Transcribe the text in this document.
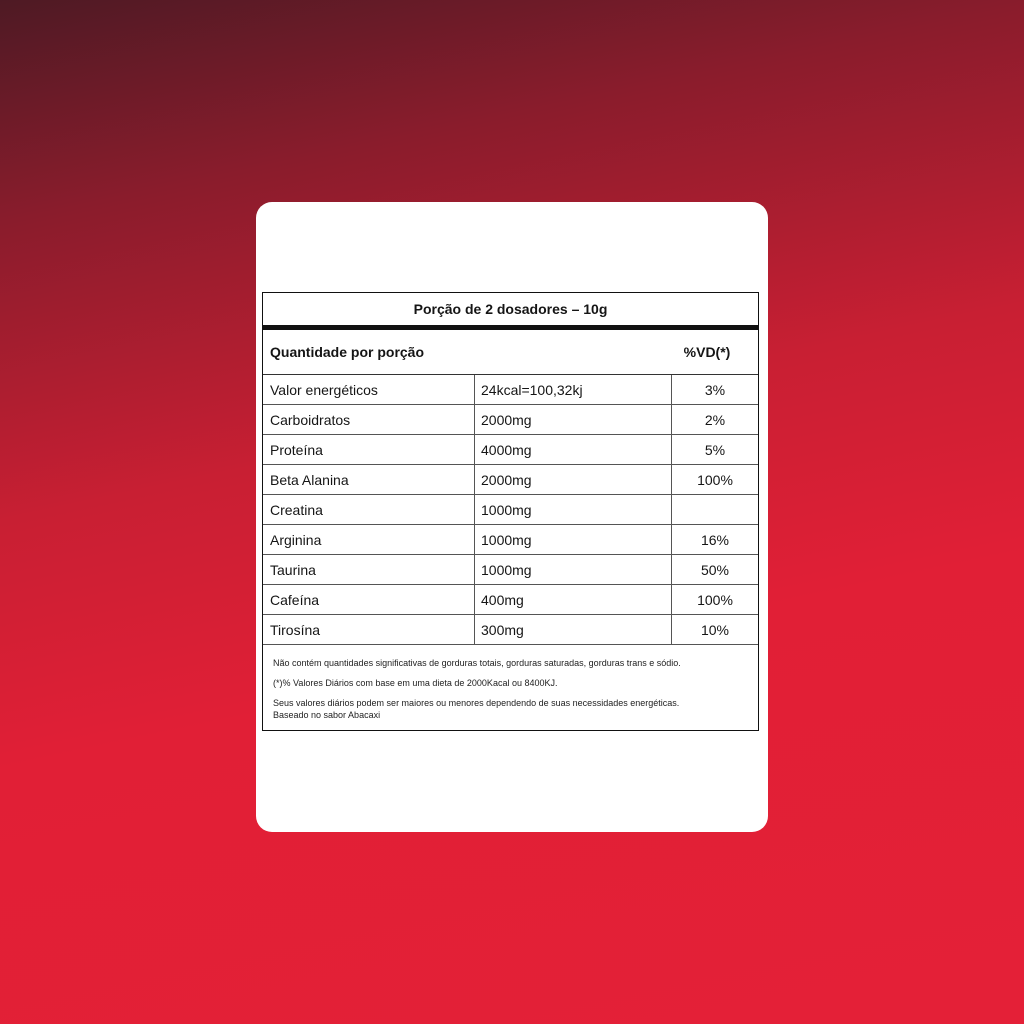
Porção de 2 dosadores – 10g
Quantidade por porção	%VD(*)
Valor energéticos	24kcal=100,32kj	3%
Carboidratos	2000mg	2%
Proteína	4000mg	5%
Beta Alanina	2000mg	100%
Creatina	1000mg	
Arginina	1000mg	16%
Taurina	1000mg	50%
Cafeína	400mg	100%
Tirosína	300mg	10%

Não contém quantidades significativas de gorduras totais, gorduras saturadas, gorduras trans e sódio.

(*)% Valores Diários com base em uma dieta de 2000Kacal ou 8400KJ.

Seus valores diários podem ser maiores ou menores dependendo de suas necessidades energéticas.

Baseado no sabor Abacaxi
